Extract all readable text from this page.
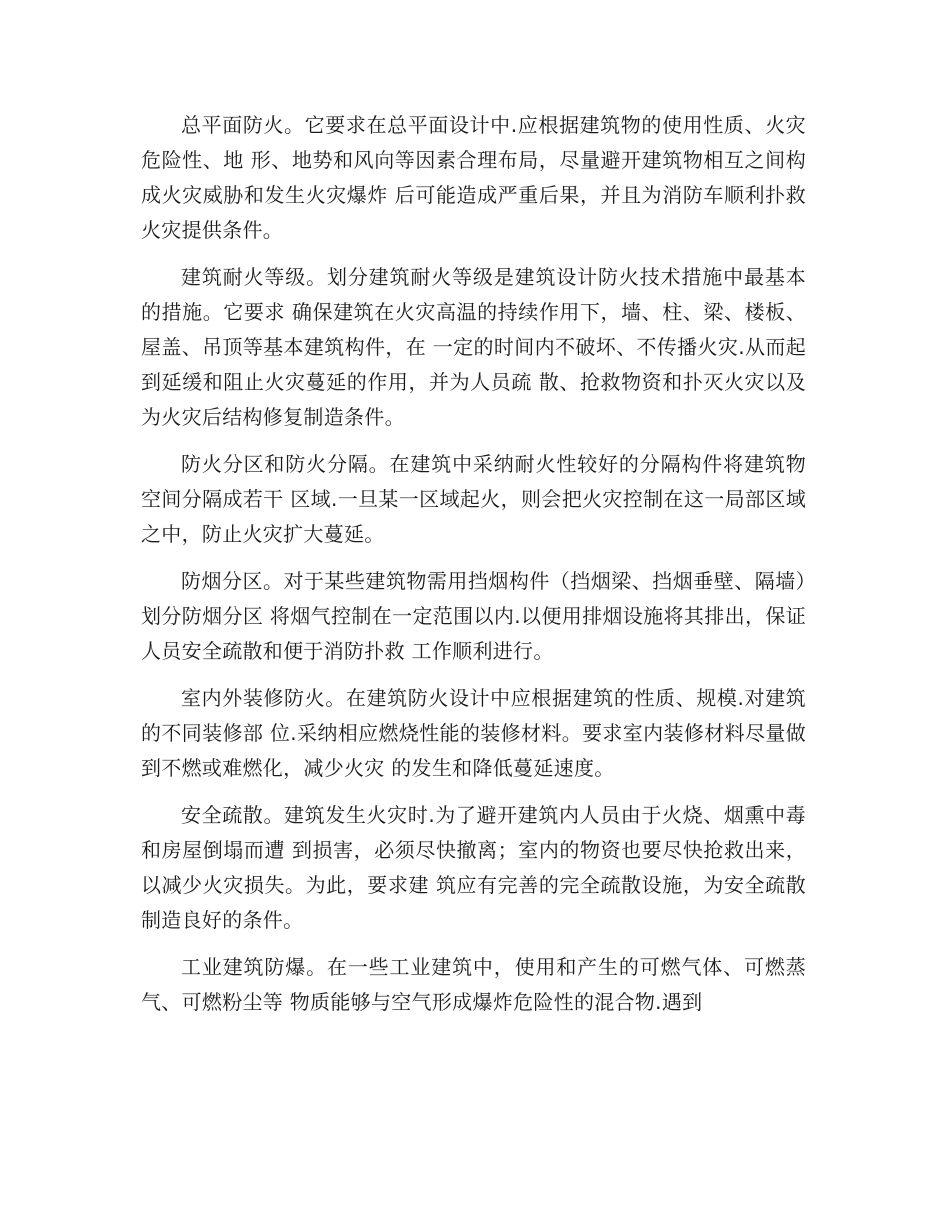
总平面防火。它要求在总平面设计中.应根据建筑物的使用性质、火灾危险性、地 形、地势和风向等因素合理布局，尽量避开建筑物相互之间构成火灾威胁和发生火灾爆炸 后可能造成严重后果，并且为消防车顺利扑救火灾提供条件。

建筑耐火等级。划分建筑耐火等级是建筑设计防火技术措施中最基本的措施。它要求 确保建筑在火灾高温的持续作用下，墙、柱、梁、楼板、屋盖、吊顶等基本建筑构件，在 一定的时间内不破坏、不传播火灾.从而起到延缓和阻止火灾蔓延的作用，并为人员疏 散、抢救物资和扑灭火灾以及为火灾后结构修复制造条件。

防火分区和防火分隔。在建筑中采纳耐火性较好的分隔构件将建筑物空间分隔成若干 区域.一旦某一区域起火，则会把火灾控制在这一局部区域之中，防止火灾扩大蔓延。

防烟分区。对于某些建筑物需用挡烟构件（挡烟梁、挡烟垂壁、隔墙）划分防烟分区 将烟气控制在一定范围以内.以便用排烟设施将其排出，保证人员安全疏散和便于消防扑救 工作顺利进行。

室内外装修防火。在建筑防火设计中应根据建筑的性质、规模.对建筑的不同装修部 位.采纳相应燃烧性能的装修材料。要求室内装修材料尽量做到不燃或难燃化，减少火灾 的发生和降低蔓延速度。

安全疏散。建筑发生火灾时.为了避开建筑内人员由于火烧、烟熏中毒和房屋倒塌而遭 到损害，必须尽快撤离；室内的物资也要尽快抢救出来，以减少火灾损失。为此，要求建 筑应有完善的完全疏散设施，为安全疏散制造良好的条件。

工业建筑防爆。在一些工业建筑中，使用和产生的可燃气体、可燃蒸气、可燃粉尘等 物质能够与空气形成爆炸危险性的混合物.遇到
